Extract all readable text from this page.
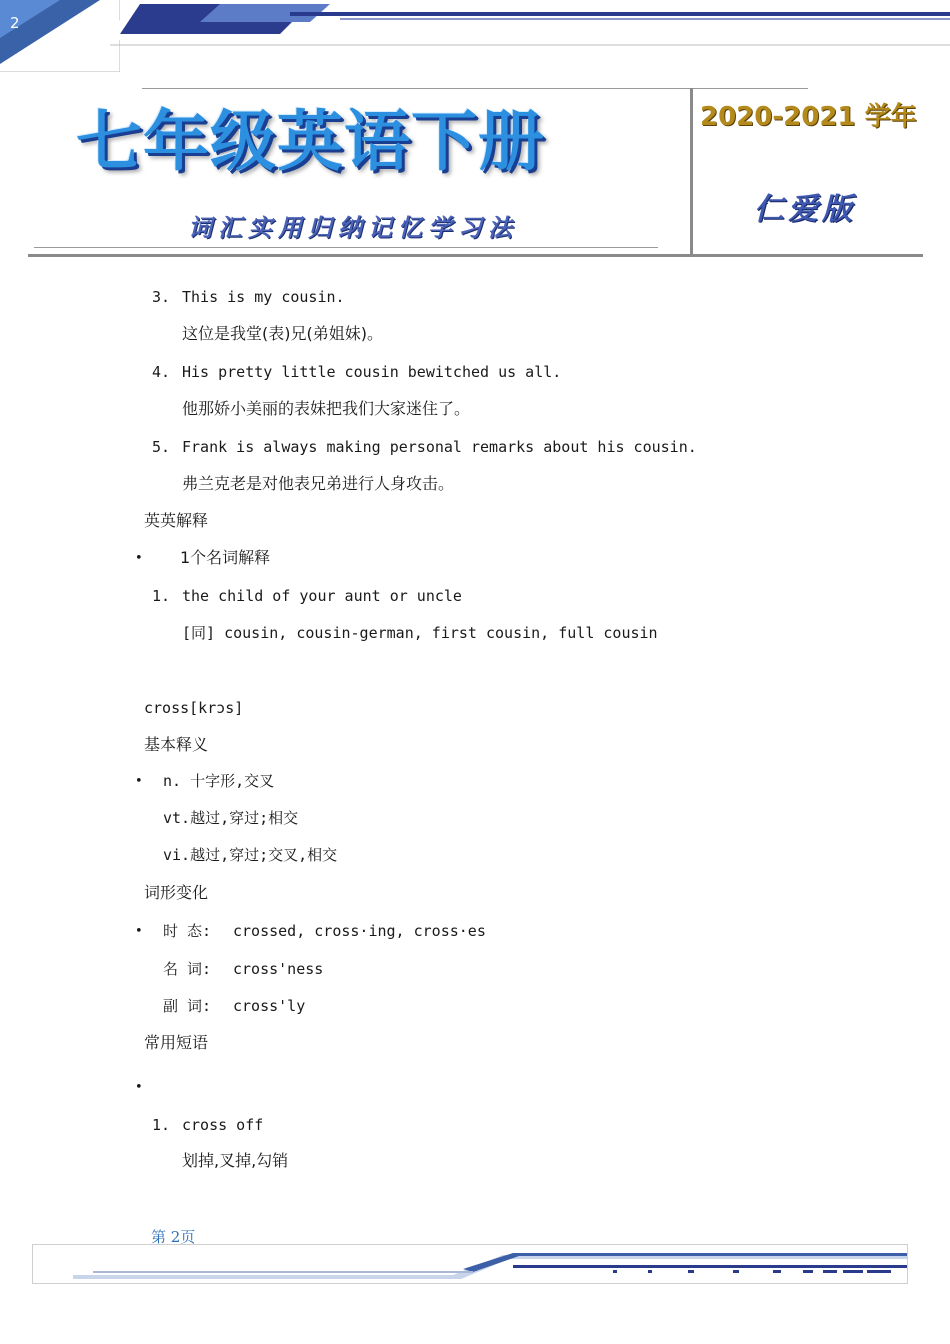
2
七年级英语下册
词汇实用归纳记忆学习法
2020-2021 学年
仁爱版
3. This is my cousin.
这位是我堂(表)兄(弟姐妹)。
4. His pretty little cousin bewitched us all.
他那娇小美丽的表妹把我们大家迷住了。
5. Frank is always making personal remarks about his cousin.
弗兰克老是对他表兄弟进行人身攻击。
英英解释
• 1个名词解释
1. the child of your aunt or uncle
[同] cousin, cousin-german, first cousin, full cousin
cross[krɔs]
基本释义
• n. 十字形,交叉
vt.越过,穿过;相交
vi.越过,穿过;交叉,相交
词形变化
• 时 态: crossed, cross·ing, cross·es
名 词: cross'ness
副 词: cross'ly
常用短语
•
1. cross off
划掉,叉掉,勾销
第 2页
